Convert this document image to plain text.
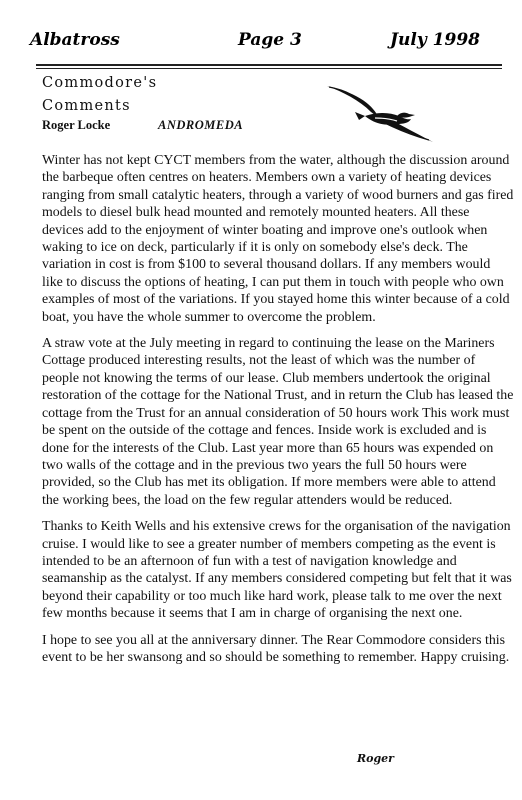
Albatross	Page 3	July 1998
Commodore's
Comments
Roger Locke	ANDROMEDA

Winter has not kept CYCT members from the water, although the discussion around the barbeque often centres on heaters. Members own a variety of heating devices ranging from small catalytic heaters, through a variety of wood burners and gas fired models to diesel bulk head mounted and remotely mounted heaters. All these devices add to the enjoyment of winter boating and improve one's outlook when waking to ice on deck, particularly if it is only on somebody else's deck. The variation in cost is from $100 to several thousand dollars. If any members would like to discuss the options of heating, I can put them in touch with people who own examples of most of the variations. If you stayed home this winter because of a cold boat, you have the whole summer to overcome the problem.

A straw vote at the July meeting in regard to continuing the lease on the Mariners Cottage produced interesting results, not the least of which was the number of people not knowing the terms of our lease. Club members undertook the original restoration of the cottage for the National Trust, and in return the Club has leased the cottage from the Trust for an annual consideration of 50 hours work This work must be spent on the outside of the cottage and fences. Inside work is excluded and is done for the interests of the Club. Last year more than 65 hours was expended on two walls of the cottage and in the previous two years the full 50 hours were provided, so the Club has met its obligation. If more members were able to attend the working bees, the load on the few regular attenders would be reduced.

Thanks to Keith Wells and his extensive crews for the organisation of the navigation cruise. I would like to see a greater number of members competing as the event is intended to be an afternoon of fun with a test of navigation knowledge and seamanship as the catalyst. If any members considered competing but felt that it was beyond their capability or too much like hard work, please talk to me over the next few months because it seems that I am in charge of organising the next one.

I hope to see you all at the anniversary dinner. The Rear Commodore considers this event to be her swansong and so should be something to remember. Happy cruising.

Roger
